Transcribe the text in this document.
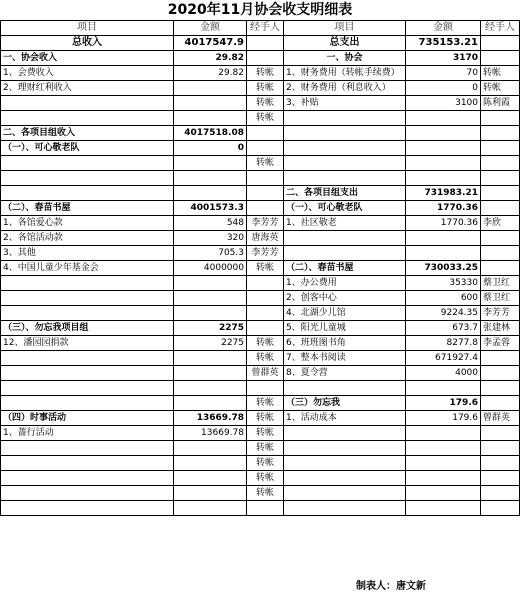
2020年11月协会收支明细表
项目	金额	经手人	项目	金额	经手人
总收入	4017547.9		总支出	735153.21	
一、协会收入	29.82		一、协会	3170	
1、会费收入	29.82	转帐	1、财务费用（转帐手续费）	70	转帐
2、理财红利收入		转帐	2、财务费用（利息收入）	0	转帐
		转帐	3、补贴	3100	陈利霞
		转帐			
二、各项目组收入	4017518.08				
（一）、可心敬老队	0				
		转帐			

			二、各项目组支出	731983.21	
（二）、春苗书屋	4001573.3		（一）、可心敬老队	1770.36	
1、各馆爱心款	548	李芳芳	1、社区敬老	1770.36	李欣
2、各馆活动款	320	唐海英			
3、其他	705.3	李芳芳			
4、中国儿童少年基金会	4000000	转帐	（二）、春苗书屋	730033.25	
			1、办公费用	35330	蔡卫红
			2、创客中心	600	蔡卫红
			4、北湖少儿馆	9224.35	李芳芳
（三）、勿忘我项目组	2275		5、阳光儿童城	673.7	张建林
12、潘园园捐款	2275	转帐	6、班班图书角	8277.8	李孟蓉
		转帐	7、整本书阅读	671927.4	
		曾群英	8、夏令营	4000	

		转帐	（三）勿忘我	179.6	
（四）时事活动	13669.78	转帐	1、活动成本	179.6	曾群英
1、蔷行活动	13669.78	转帐			
		转帐			
		转帐			
		转帐			
		转帐			

制表人：唐文新
